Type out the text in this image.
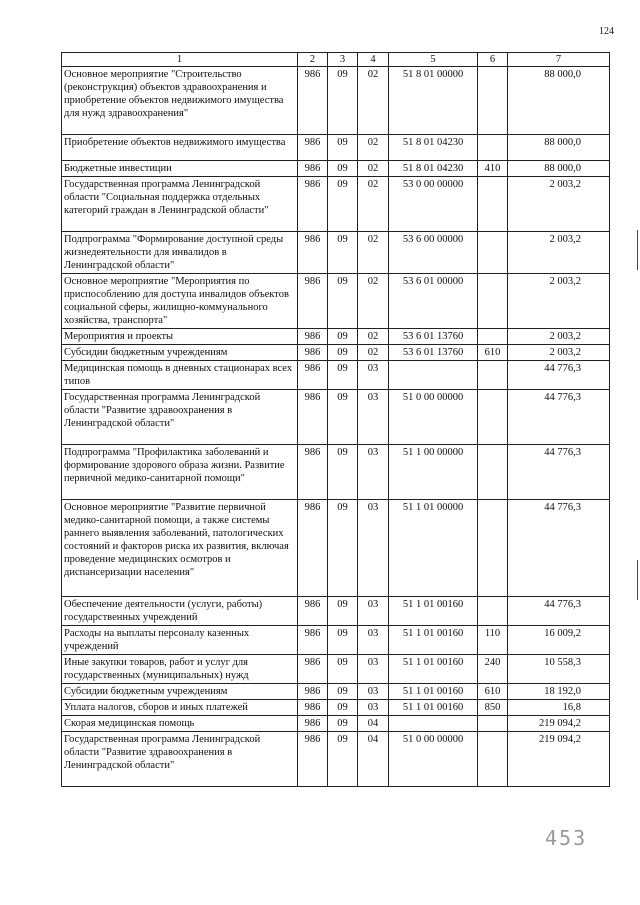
124
1	2	3	4	5	6	7
Основное мероприятие "Строительство (реконструкция) объектов здравоохранения и приобретение объектов недвижимого имущества для нужд здравоохранения"	986	09	02	51 8 01 00000		88 000,0
Приобретение объектов недвижимого имущества	986	09	02	51 8 01 04230		88 000,0
Бюджетные инвестиции	986	09	02	51 8 01 04230	410	88 000,0
Государственная программа Ленинградской области "Социальная поддержка отдельных категорий граждан в Ленинградской области"	986	09	02	53 0 00 00000		2 003,2
Подпрограмма "Формирование доступной среды жизнедеятельности для инвалидов в Ленинградской области"	986	09	02	53 6 00 00000		2 003,2
Основное мероприятие "Мероприятия по приспособлению для доступа инвалидов объектов социальной сферы, жилищно-коммунального хозяйства, транспорта"	986	09	02	53 6 01 00000		2 003,2
Мероприятия и проекты	986	09	02	53 6 01 13760		2 003,2
Субсидии бюджетным учреждениям	986	09	02	53 6 01 13760	610	2 003,2
Медицинская помощь в дневных стационарах всех типов	986	09	03			44 776,3
Государственная программа Ленинградской области "Развитие здравоохранения в Ленинградской области"	986	09	03	51 0 00 00000		44 776,3
Подпрограмма "Профилактика заболеваний и формирование здорового образа жизни. Развитие первичной медико-санитарной помощи"	986	09	03	51 1 00 00000		44 776,3
Основное мероприятие "Развитие первичной медико-санитарной помощи, а также системы раннего выявления заболеваний, патологических состояний и факторов риска их развития, включая проведение медицинских осмотров и диспансеризации населения"	986	09	03	51 1 01 00000		44 776,3
Обеспечение деятельности (услуги, работы) государственных учреждений	986	09	03	51 1 01 00160		44 776,3
Расходы на выплаты персоналу казенных учреждений	986	09	03	51 1 01 00160	110	16 009,2
Иные закупки товаров, работ и услуг для государственных (муниципальных) нужд	986	09	03	51 1 01 00160	240	10 558,3
Субсидии бюджетным учреждениям	986	09	03	51 1 01 00160	610	18 192,0
Уплата налогов, сборов и иных платежей	986	09	03	51 1 01 00160	850	16,8
Скорая медицинская помощь	986	09	04			219 094,2
Государственная программа Ленинградской области "Развитие здравоохранения в Ленинградской области"	986	09	04	51 0 00 00000		219 094,2
453
